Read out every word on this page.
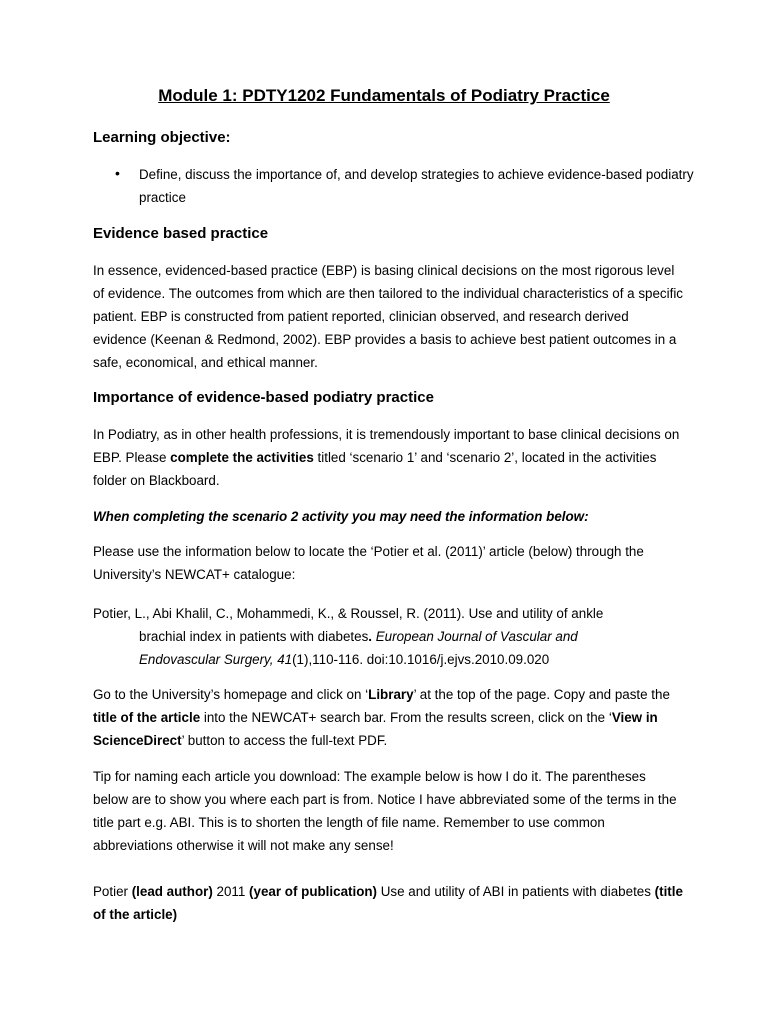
Module 1: PDTY1202 Fundamentals of Podiatry Practice
Learning objective:
• Define, discuss the importance of, and develop strategies to achieve evidence-based podiatry practice

Evidence based practice

In essence, evidenced-based practice (EBP) is basing clinical decisions on the most rigorous level of evidence. The outcomes from which are then tailored to the individual characteristics of a specific patient. EBP is constructed from patient reported, clinician observed, and research derived evidence (Keenan & Redmond, 2002). EBP provides a basis to achieve best patient outcomes in a safe, economical, and ethical manner.

Importance of evidence-based podiatry practice

In Podiatry, as in other health professions, it is tremendously important to base clinical decisions on EBP. Please complete the activities titled ‘scenario 1’ and ‘scenario 2’, located in the activities folder on Blackboard.

When completing the scenario 2 activity you may need the information below:

Please use the information below to locate the ‘Potier et al. (2011)’ article (below) through the University’s NEWCAT+ catalogue:

Potier, L., Abi Khalil, C., Mohammedi, K., & Roussel, R. (2011). Use and utility of ankle
brachial index in patients with diabetes. European Journal of Vascular and
Endovascular Surgery, 41(1),110-116. doi:10.1016/j.ejvs.2010.09.020

Go to the University’s homepage and click on ‘Library’ at the top of the page. Copy and paste the title of the article into the NEWCAT+ search bar. From the results screen, click on the ‘View in ScienceDirect’ button to access the full-text PDF.

Tip for naming each article you download: The example below is how I do it. The parentheses below are to show you where each part is from. Notice I have abbreviated some of the terms in the title part e.g. ABI. This is to shorten the length of file name. Remember to use common abbreviations otherwise it will not make any sense!

Potier (lead author) 2011 (year of publication) Use and utility of ABI in patients with diabetes (title of the article)
